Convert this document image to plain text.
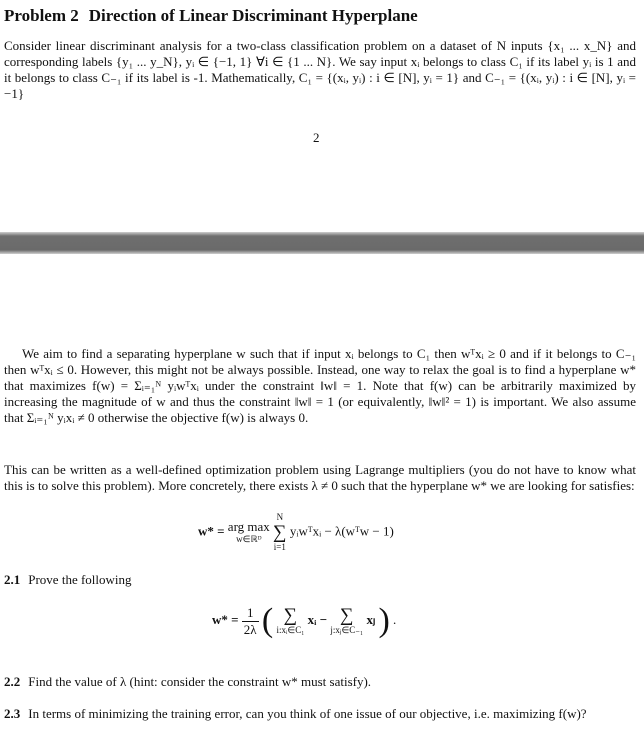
Problem 2 Direction of Linear Discriminant Hyperplane

Consider linear discriminant analysis for a two-class classification problem on a dataset of N inputs {x₁ ... x_N} and corresponding labels {y₁ ... y_N}, yᵢ ∈ {−1, 1} ∀i ∈ {1 ... N}. We say input xᵢ belongs to class C₁ if its label yᵢ is 1 and it belongs to class C₋₁ if its label is -1. Mathematically, C₁ = {(xᵢ, yᵢ) : i ∈ [N], yᵢ = 1} and C₋₁ = {(xᵢ, yᵢ) : i ∈ [N], yᵢ = −1}

2

We aim to find a separating hyperplane w such that if input xᵢ belongs to C₁ then wᵀxᵢ ≥ 0 and if it belongs to C₋₁ then wᵀxᵢ ≤ 0. However, this might not be always possible. Instead, one way to relax the goal is to find a hyperplane w* that maximizes f(w) = Σᵢ₌₁ᴺ yᵢwᵀxᵢ under the constraint ‖w‖ = 1. Note that f(w) can be arbitrarily maximized by increasing the magnitude of w and thus the constraint ‖w‖ = 1 (or equivalently, ‖w‖² = 1) is important. We also assume that Σᵢ₌₁ᴺ yᵢxᵢ ≠ 0 otherwise the objective f(w) is always 0.

This can be written as a well-defined optimization problem using Lagrange multipliers (you do not have to know what this is to solve this problem). More concretely, there exists λ ≠ 0 such that the hyperplane w* we are looking for satisfies:

w* = arg max
w∈ℝᴰ

N
∑
i=1
yᵢwᵀxᵢ − λ(wᵀw − 1)

2.1 Prove the following

$w* = \frac{1}{2\lambda}$ ( ∑
i:xᵢ∈C₁
xᵢ − ∑
j:xⱼ∈C₋₁
xⱼ ) .

2.2 Find the value of λ (hint: consider the constraint w* must satisfy).

2.3 In terms of minimizing the training error, can you think of one issue of our objective, i.e. maximizing f(w)?
